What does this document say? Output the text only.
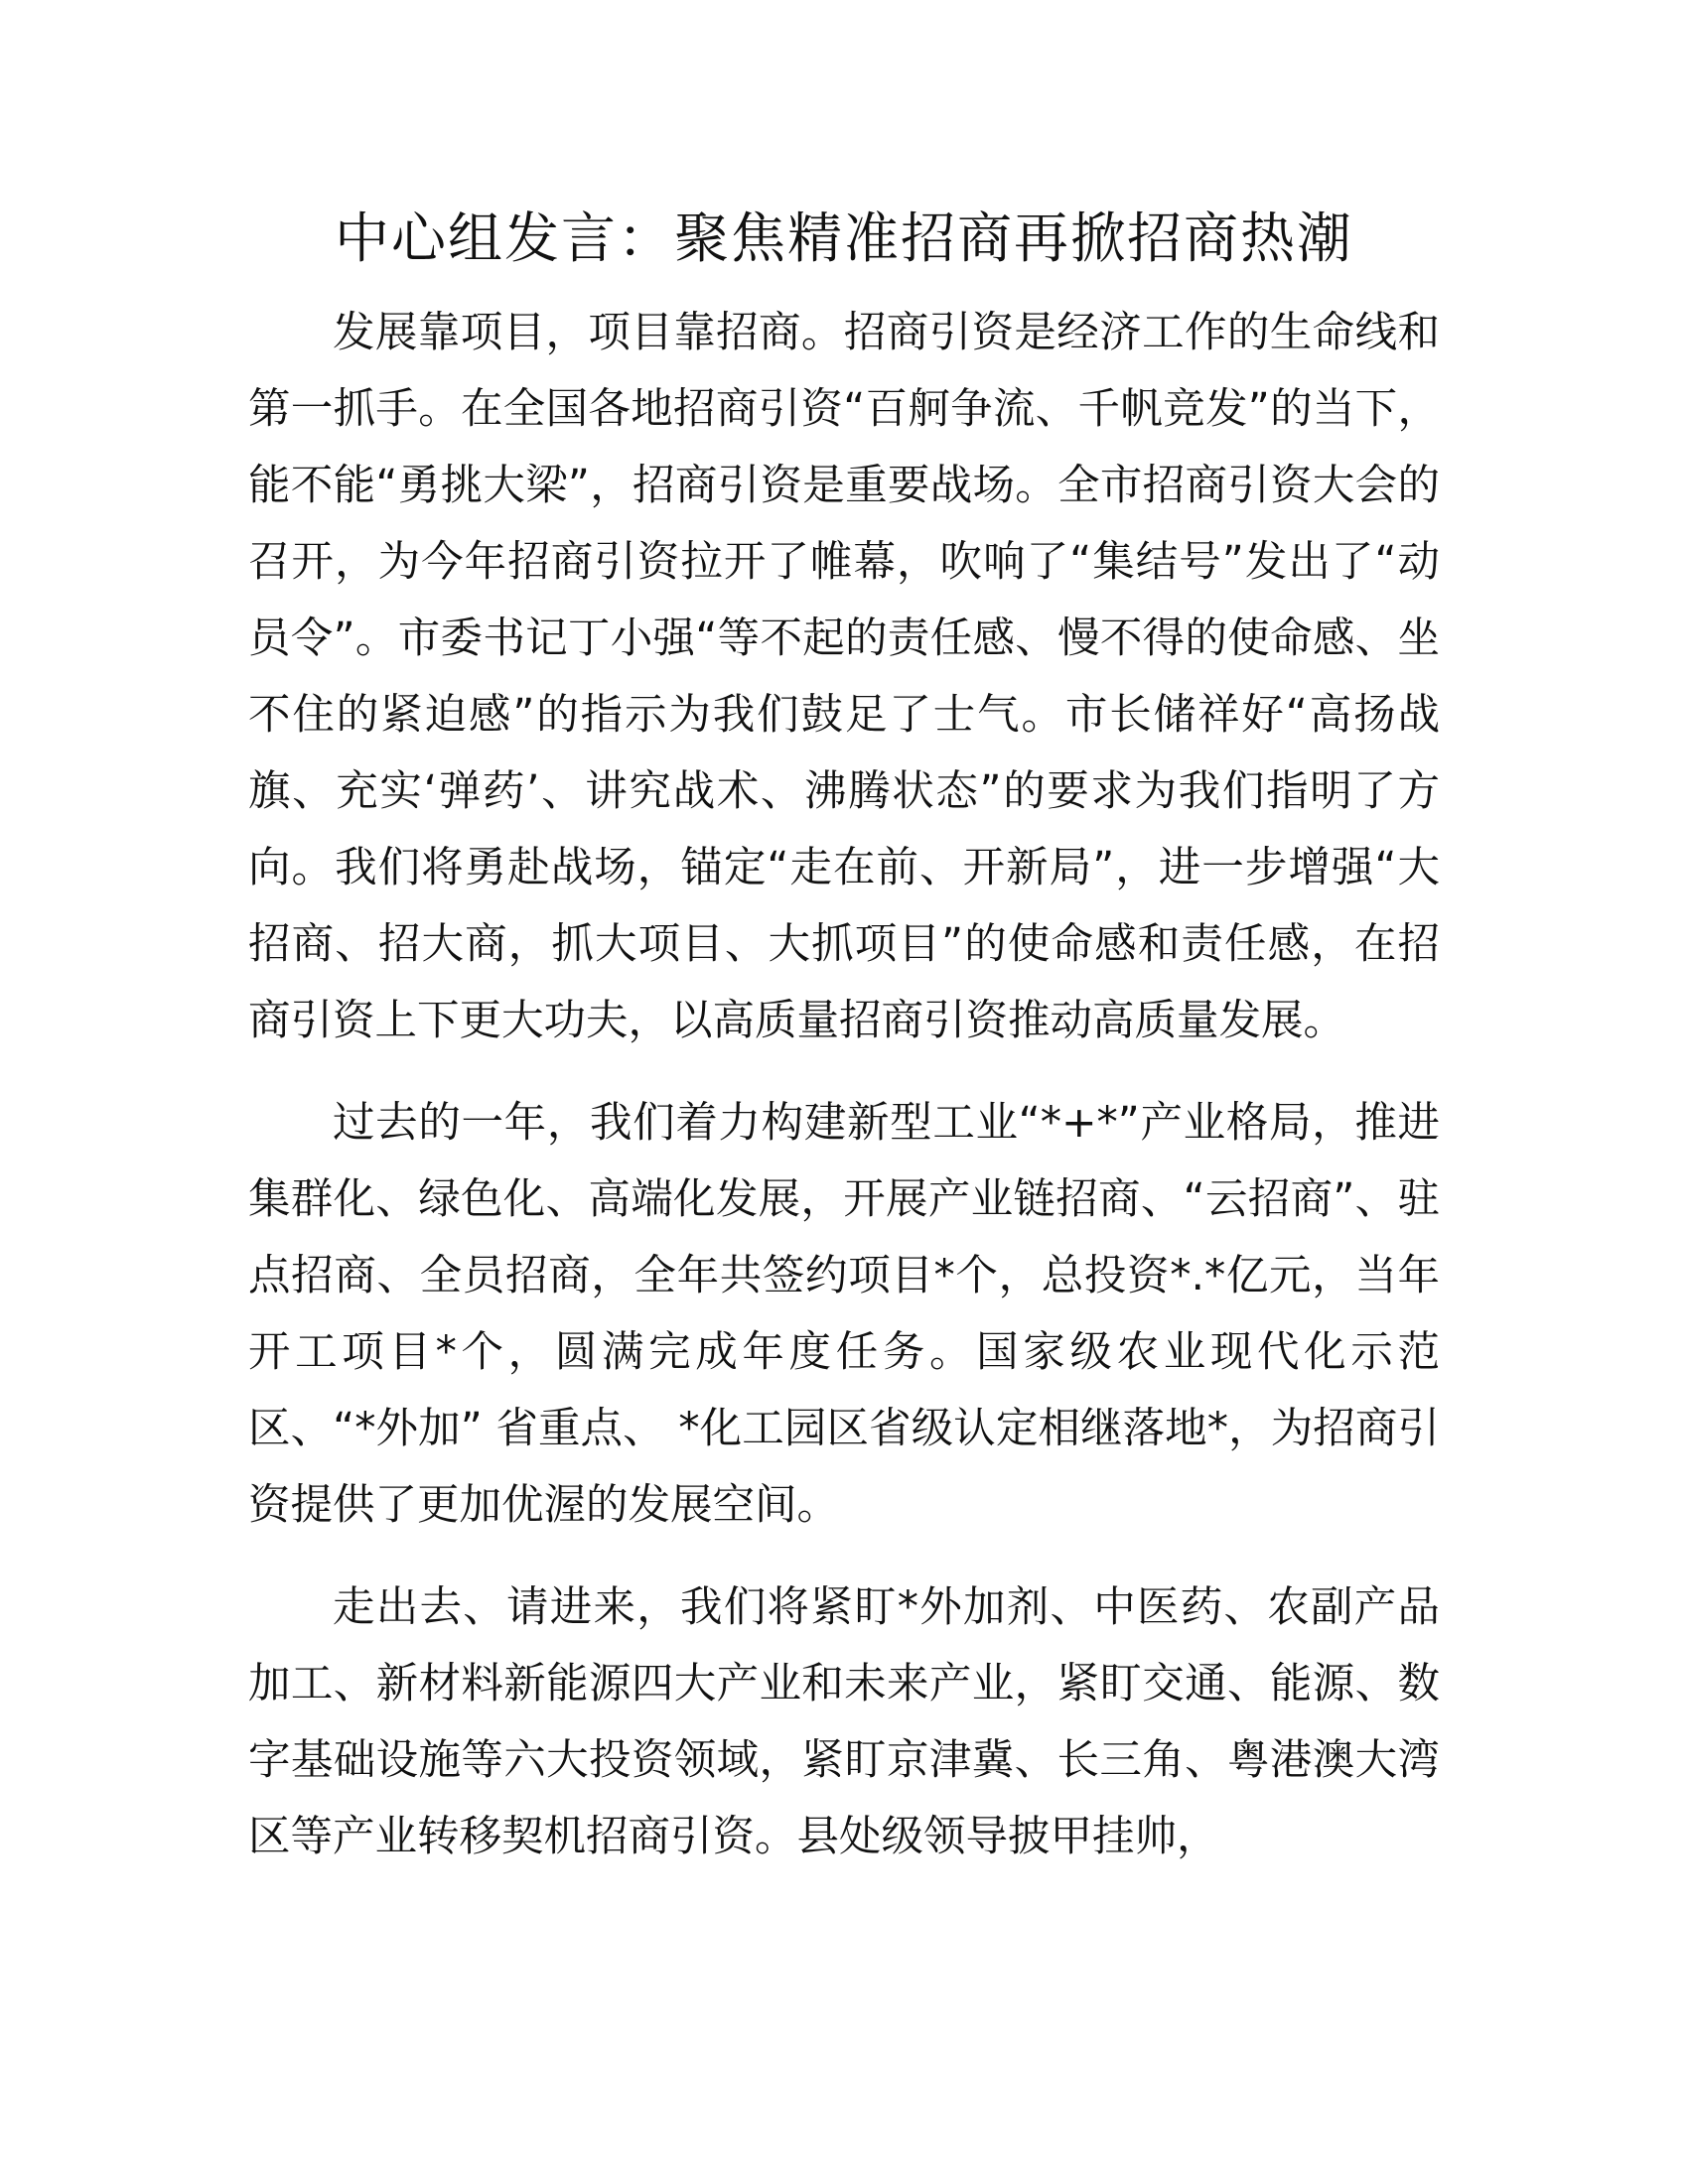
中心组发言：聚焦精准招商再掀招商热潮

发展靠项目，项目靠招商。招商引资是经济工作的生命线和第一抓手。在全国各地招商引资“百舸争流、千帆竞发”的当下，能不能“勇挑大梁”，招商引资是重要战场。全市招商引资大会的召开，为今年招商引资拉开了帷幕，吹响了“集结号”发出了“动员令”。市委书记丁小强“等不起的责任感、慢不得的使命感、坐不住的紧迫感”的指示为我们鼓足了士气。市长储祥好“高扬战旗、充实‘弹药’、讲究战术、沸腾状态”的要求为我们指明了方向。我们将勇赴战场，锚定“走在前、开新局”，进一步增强“大招商、招大商，抓大项目、大抓项目”的使命感和责任感，在招商引资上下更大功夫，以高质量招商引资推动高质量发展。

过去的一年，我们着力构建新型工业“*+*”产业格局，推进集群化、绿色化、高端化发展，开展产业链招商、“云招商”、驻点招商、全员招商，全年共签约项目*个，总投资*.*亿元，当年开工项目*个，圆满完成年度任务。国家级农业现代化示范区、“*外加” 省重点、 *化工园区省级认定相继落地*，为招商引资提供了更加优渥的发展空间。

走出去、请进来，我们将紧盯*外加剂、中医药、农副产品加工、新材料新能源四大产业和未来产业，紧盯交通、能源、数字基础设施等六大投资领域，紧盯京津冀、长三角、粤港澳大湾区等产业转移契机招商引资。县处级领导披甲挂帅，
